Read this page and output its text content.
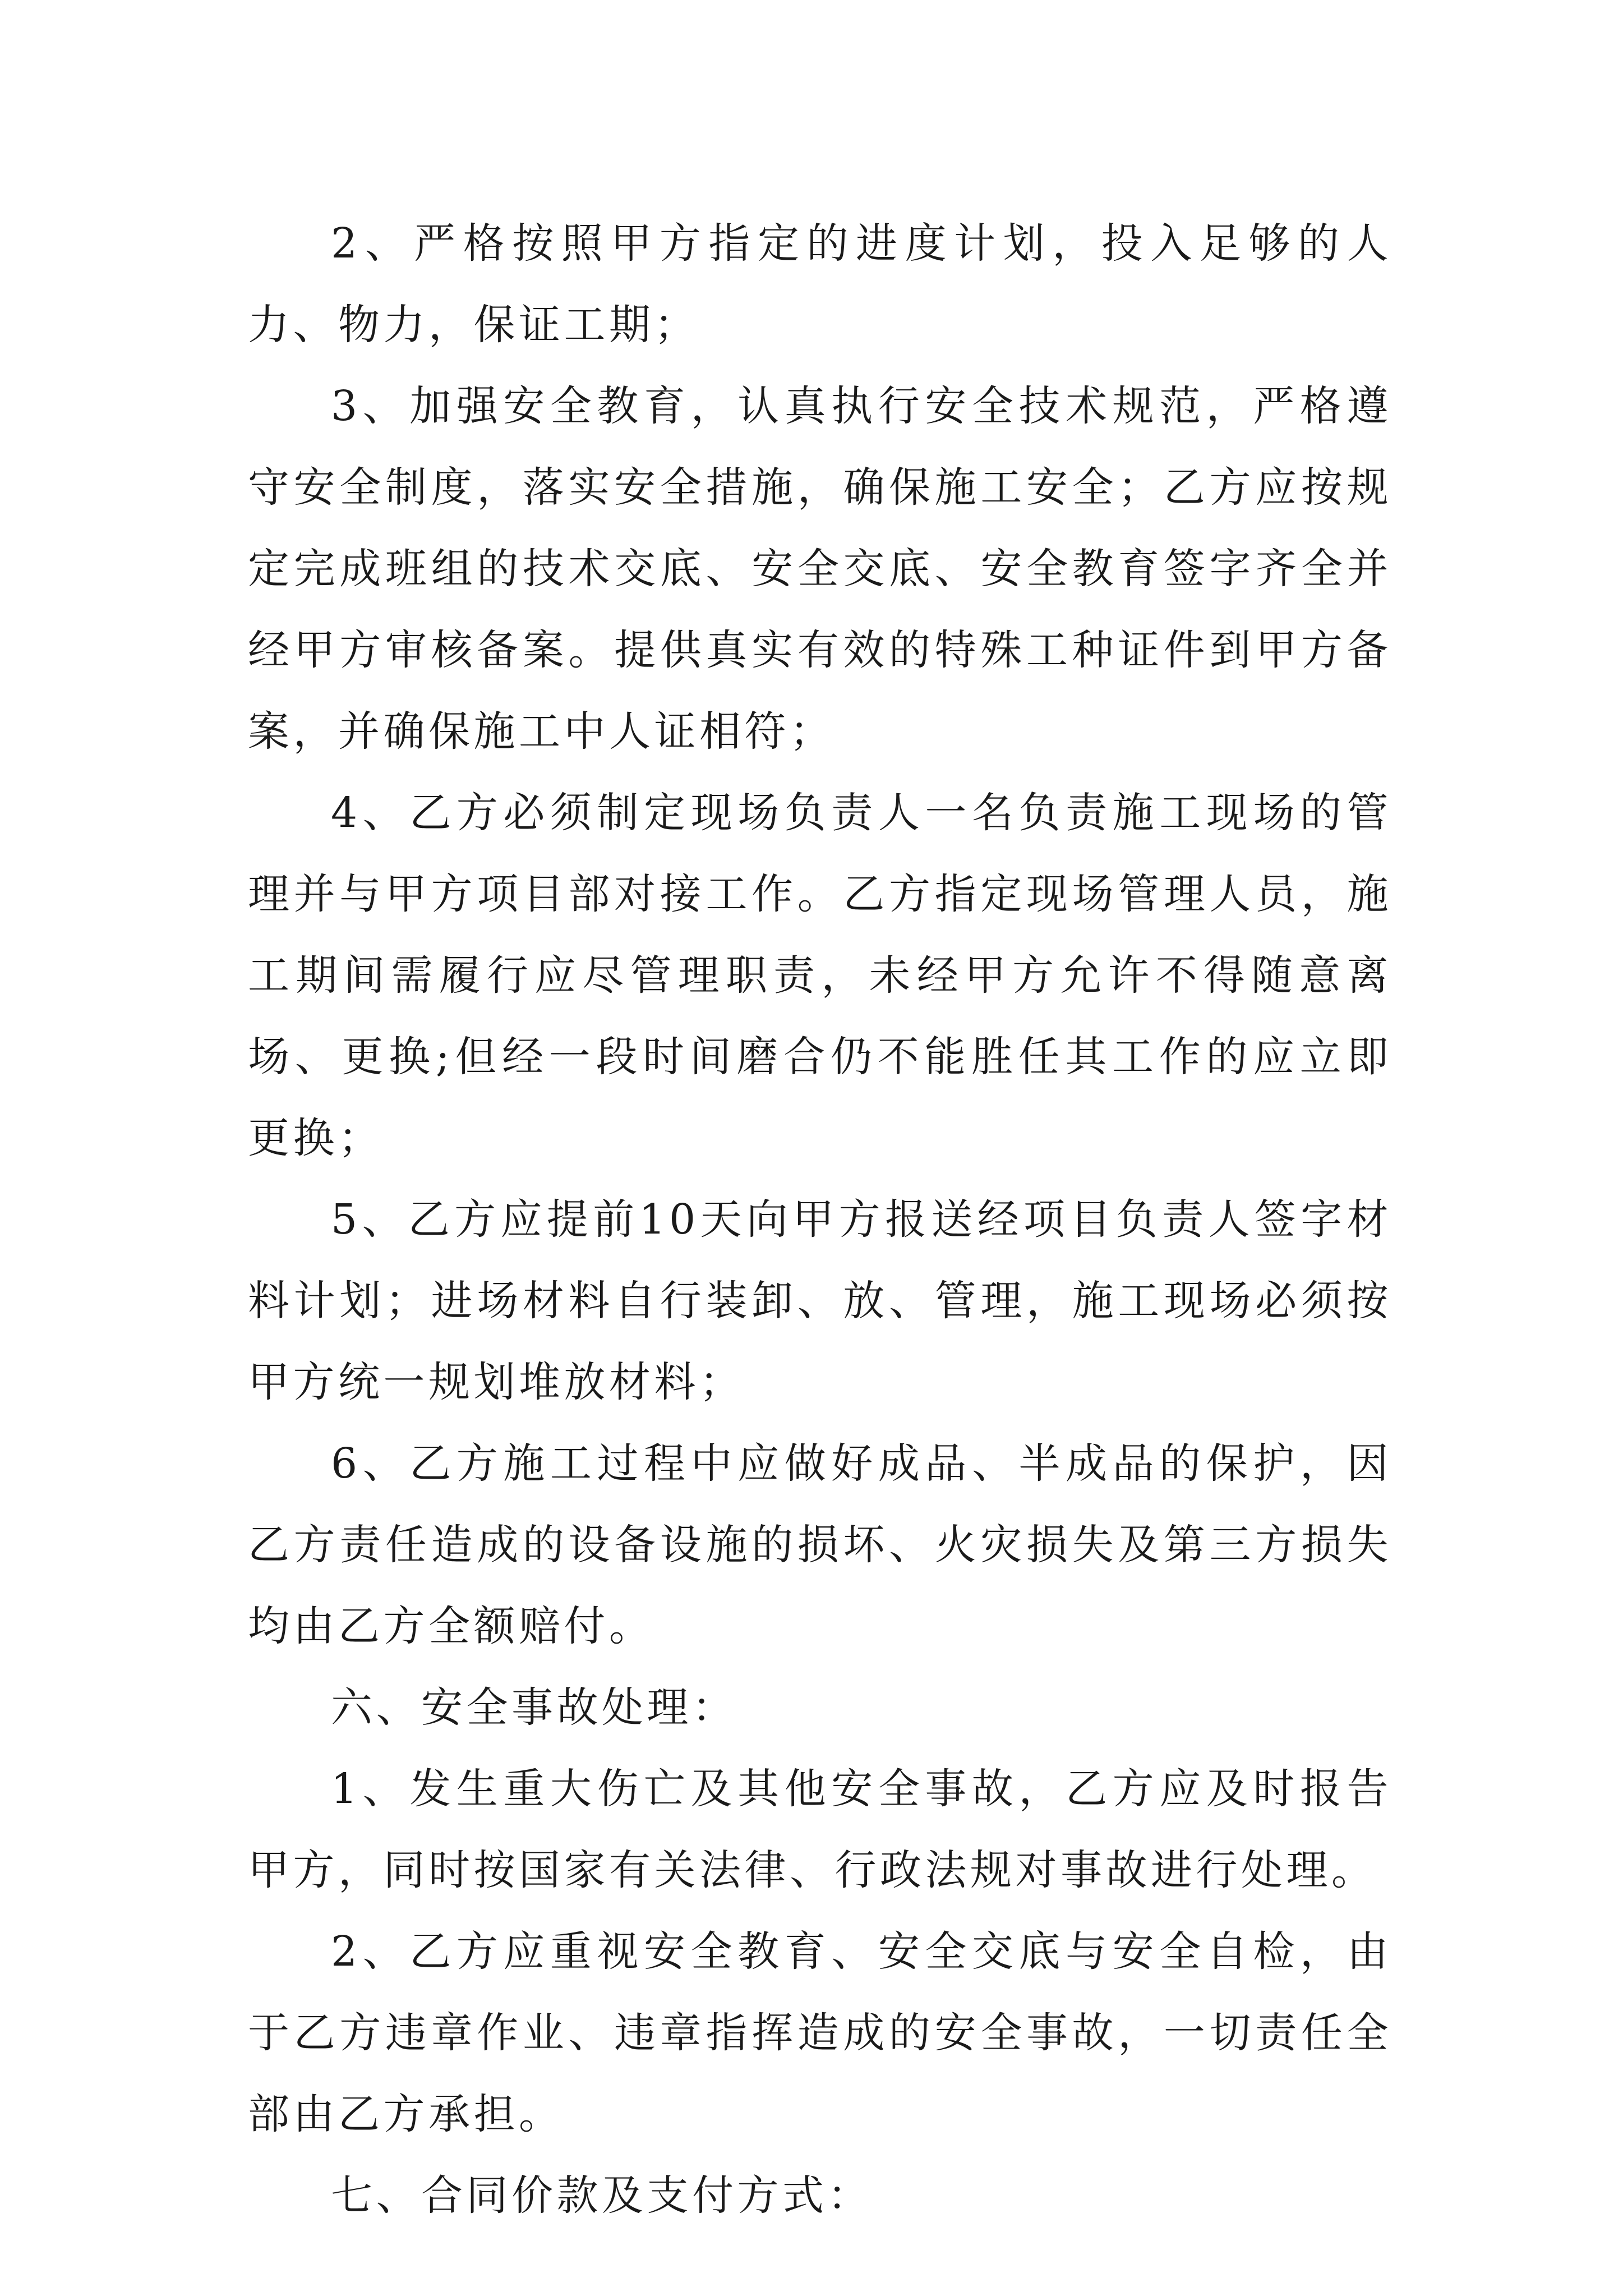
2、严格按照甲方指定的进度计划，投入足够的人力、物力，保证工期；

3、加强安全教育，认真执行安全技术规范，严格遵守安全制度，落实安全措施，确保施工安全；乙方应按规定完成班组的技术交底、安全交底、安全教育签字齐全并经甲方审核备案。提供真实有效的特殊工种证件到甲方备案，并确保施工中人证相符；

4、乙方必须制定现场负责人一名负责施工现场的管理并与甲方项目部对接工作。乙方指定现场管理人员，施工期间需履行应尽管理职责，未经甲方允许不得随意离场、更换;但经一段时间磨合仍不能胜任其工作的应立即更换；

5、乙方应提前10天向甲方报送经项目负责人签字材料计划；进场材料自行装卸、放、管理，施工现场必须按甲方统一规划堆放材料；

6、乙方施工过程中应做好成品、半成品的保护，因乙方责任造成的设备设施的损坏、火灾损失及第三方损失均由乙方全额赔付。

六、安全事故处理：

1、发生重大伤亡及其他安全事故，乙方应及时报告甲方，同时按国家有关法律、行政法规对事故进行处理。

2、乙方应重视安全教育、安全交底与安全自检，由于乙方违章作业、违章指挥造成的安全事故，一切责任全部由乙方承担。

七、合同价款及支付方式：
